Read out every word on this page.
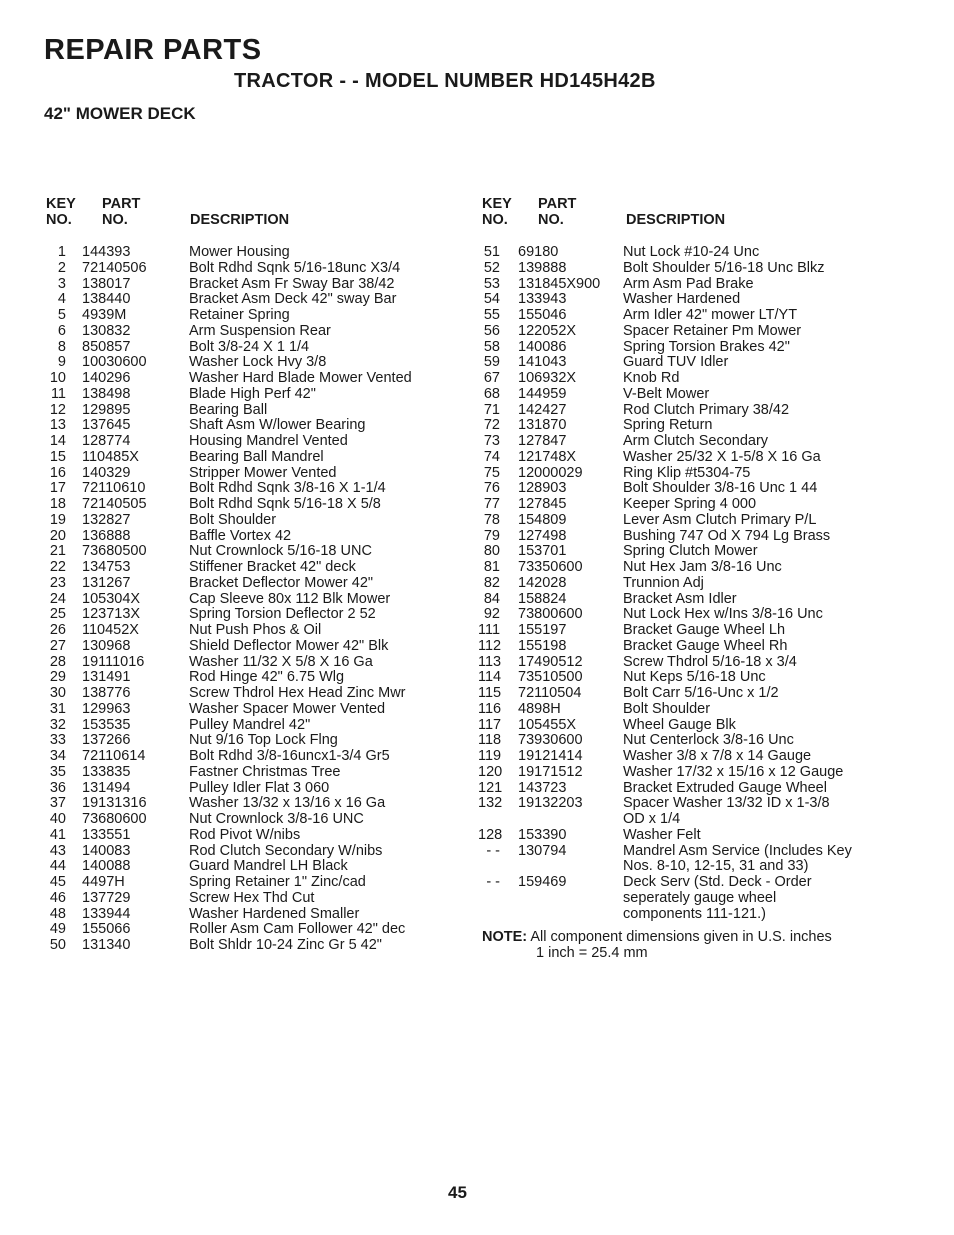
REPAIR PARTS
TRACTOR - - MODEL NUMBER HD145H42B
42" MOWER DECK
KEY
NO.
PART
NO.	DESCRIPTION
KEY
NO.
PART
NO.	DESCRIPTION
1 144393	Mower Housing
2 72140506	Bolt Rdhd Sqnk 5/16-18unc X3/4
3 138017	Bracket Asm Fr Sway Bar 38/42
4 138440	Bracket Asm Deck 42" sway Bar
5 4939M	Retainer Spring
6 130832	Arm Suspension Rear
8 850857	Bolt 3/8-24 X 1 1/4
9 10030600	Washer Lock Hvy 3/8
10 140296	Washer Hard Blade Mower Vented
11 138498	Blade High Perf 42"
12 129895	Bearing Ball
13 137645	Shaft Asm W/lower Bearing
14 128774	Housing Mandrel Vented
15 110485X	Bearing Ball Mandrel
16 140329	Stripper Mower Vented
17 72110610	Bolt Rdhd Sqnk 3/8-16 X 1-1/4
18 72140505	Bolt Rdhd Sqnk 5/16-18 X 5/8
19 132827	Bolt Shoulder
20 136888	Baffle Vortex 42
21 73680500	Nut Crownlock 5/16-18 UNC
22 134753	Stiffener Bracket 42" deck
23 131267	Bracket Deflector Mower 42"
24 105304X	Cap Sleeve 80x 112 Blk Mower
25 123713X	Spring Torsion Deflector 2 52
26 110452X	Nut Push Phos & Oil
27 130968	Shield Deflector Mower 42" Blk
28 19111016	Washer 11/32 X 5/8 X 16 Ga
29 131491	Rod Hinge 42" 6.75 Wlg
30 138776	Screw Thdrol Hex Head Zinc Mwr
31 129963	Washer Spacer Mower Vented
32 153535	Pulley Mandrel 42"
33 137266	Nut 9/16 Top Lock Flng
34 72110614	Bolt Rdhd 3/8-16uncx1-3/4 Gr5
35 133835	Fastner Christmas Tree
36 131494	Pulley Idler Flat 3 060
37 19131316	Washer 13/32 x 13/16 x 16 Ga
40 73680600	Nut Crownlock 3/8-16 UNC
41 133551	Rod Pivot W/nibs
43 140083	Rod Clutch Secondary W/nibs
44 140088	Guard Mandrel LH Black
45 4497H	Spring Retainer 1" Zinc/cad
46 137729	Screw Hex Thd Cut
48 133944	Washer Hardened Smaller
49 155066	Roller Asm Cam Follower 42" dec
50 131340	Bolt Shldr 10-24 Zinc Gr 5 42"
51 69180	Nut Lock #10-24 Unc
52 139888	Bolt Shoulder 5/16-18 Unc Blkz
53 131845X900 Arm Asm Pad Brake
54 133943	Washer Hardened
55 155046	Arm Idler 42" mower LT/YT
56 122052X	Spacer Retainer Pm Mower
58 140086	Spring Torsion Brakes 42"
59 141043	Guard TUV Idler
67 106932X	Knob Rd
68 144959	V-Belt Mower
71 142427	Rod Clutch Primary 38/42
72 131870	Spring Return
73 127847	Arm Clutch Secondary
74 121748X	Washer 25/32 X 1-5/8 X 16 Ga
75 12000029	Ring Klip #t5304-75
76 128903	Bolt Shoulder 3/8-16 Unc 1 44
77 127845	Keeper Spring 4 000
78 154809	Lever Asm Clutch Primary P/L
79 127498	Bushing 747 Od X 794 Lg Brass
80 153701	Spring Clutch Mower
81 73350600	Nut Hex Jam 3/8-16 Unc
82 142028	Trunnion Adj
84 158824	Bracket Asm Idler
92 73800600	Nut Lock Hex w/Ins 3/8-16 Unc
111 155197	Bracket Gauge Wheel Lh
112 155198	Bracket Gauge Wheel Rh
113 17490512	Screw Thdrol 5/16-18 x 3/4
114 73510500	Nut Keps 5/16-18 Unc
115 72110504	Bolt Carr 5/16-Unc x 1/2
116 4898H	Bolt Shoulder
117 105455X	Wheel Gauge Blk
118 73930600	Nut Centerlock 3/8-16 Unc
119 19121414	Washer 3/8 x 7/8 x 14 Gauge
120 19171512	Washer 17/32 x 15/16 x 12 Gauge
121 143723	Bracket Extruded Gauge Wheel
132 19132203	Spacer Washer 13/32 ID x 1-3/8
OD x 1/4
128 153390	Washer Felt
- - 130794	Mandrel Asm Service (Includes Key
Nos. 8-10, 12-15, 31 and 33)
- - 159469	Deck Serv (Std. Deck - Order
seperately gauge wheel
components 111-121.)
NOTE: All component dimensions given in U.S. inches
1 inch = 25.4 mm
45
